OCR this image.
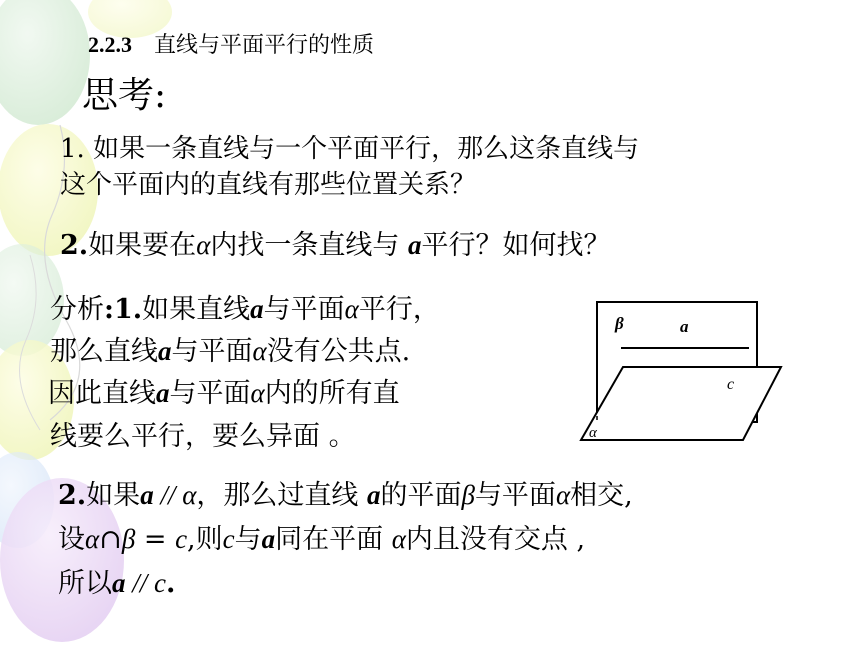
2.2.3 直线与平面平行的性质
思考:
1. 如果一条直线与一个平面平行，那么这条直线与
这个平面内的直线有那些位置关系？
2.如果要在α内找一条直线与 a平行？如何找？
分析:1.如果直线a与平面α平行，
那么直线a与平面α没有公共点.
因此直线a与平面α内的所有直
线要么平行，要么异面 。
β	a
c
α
2.如果a // α，那么过直线 a的平面β与平面α相交,
设α∩β = c,则c与a同在平面 α内且没有交点 ,
所以a // c.
